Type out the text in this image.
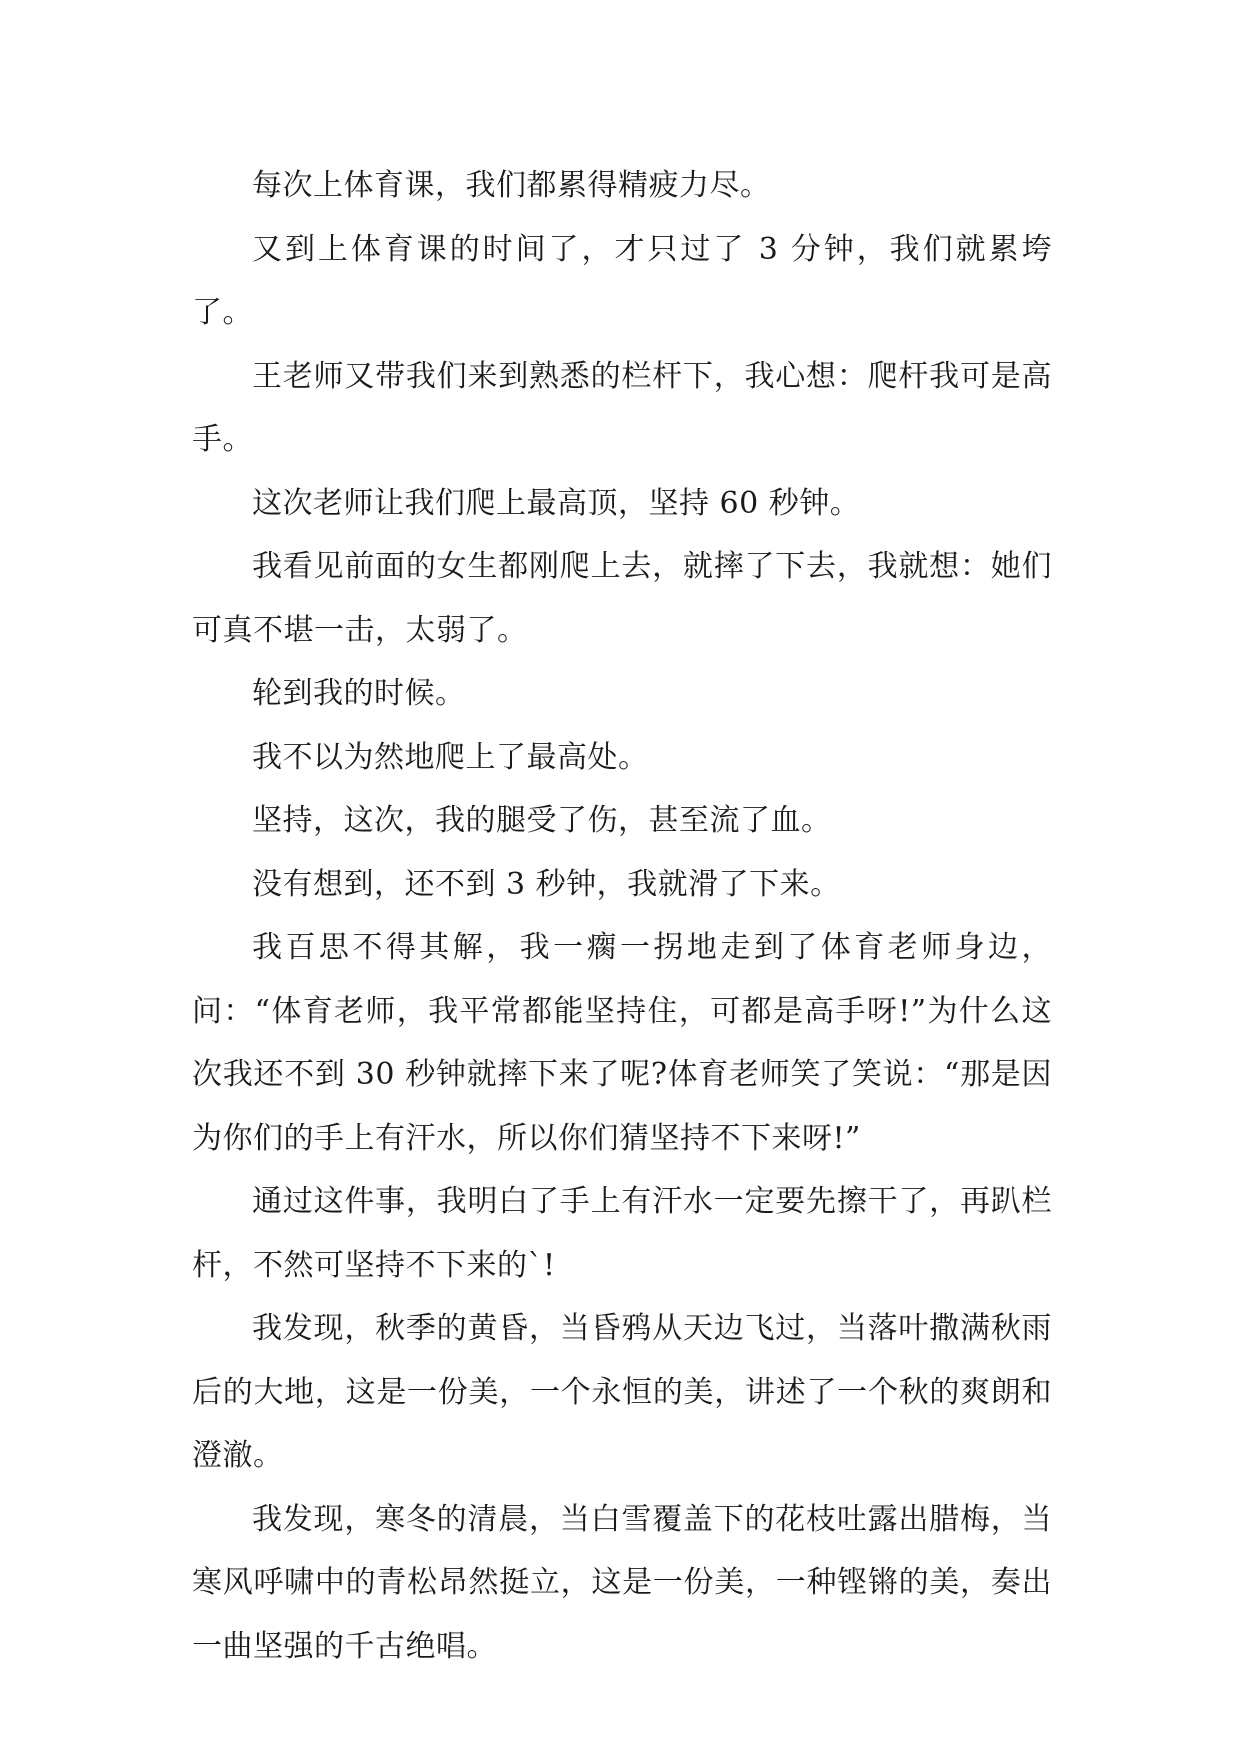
每次上体育课，我们都累得精疲力尽。

又到上体育课的时间了，才只过了 3 分钟，我们就累垮了。

王老师又带我们来到熟悉的栏杆下，我心想：爬杆我可是高手。

这次老师让我们爬上最高顶，坚持 60 秒钟。

我看见前面的女生都刚爬上去，就摔了下去，我就想：她们可真不堪一击，太弱了。

轮到我的时候。

我不以为然地爬上了最高处。

坚持，这次，我的腿受了伤，甚至流了血。

没有想到，还不到 3 秒钟，我就滑了下来。

我百思不得其解，我一瘸一拐地走到了体育老师身边，问：“体育老师，我平常都能坚持住，可都是高手呀!”为什么这次我还不到 30 秒钟就摔下来了呢?体育老师笑了笑说：“那是因为你们的手上有汗水，所以你们猜坚持不下来呀!”

通过这件事，我明白了手上有汗水一定要先擦干了，再趴栏杆，不然可坚持不下来的`!

我发现，秋季的黄昏，当昏鸦从天边飞过，当落叶撒满秋雨后的大地，这是一份美，一个永恒的美，讲述了一个秋的爽朗和澄澈。

我发现，寒冬的清晨，当白雪覆盖下的花枝吐露出腊梅，当寒风呼啸中的青松昂然挺立，这是一份美，一种铿锵的美，奏出一曲坚强的千古绝唱。
